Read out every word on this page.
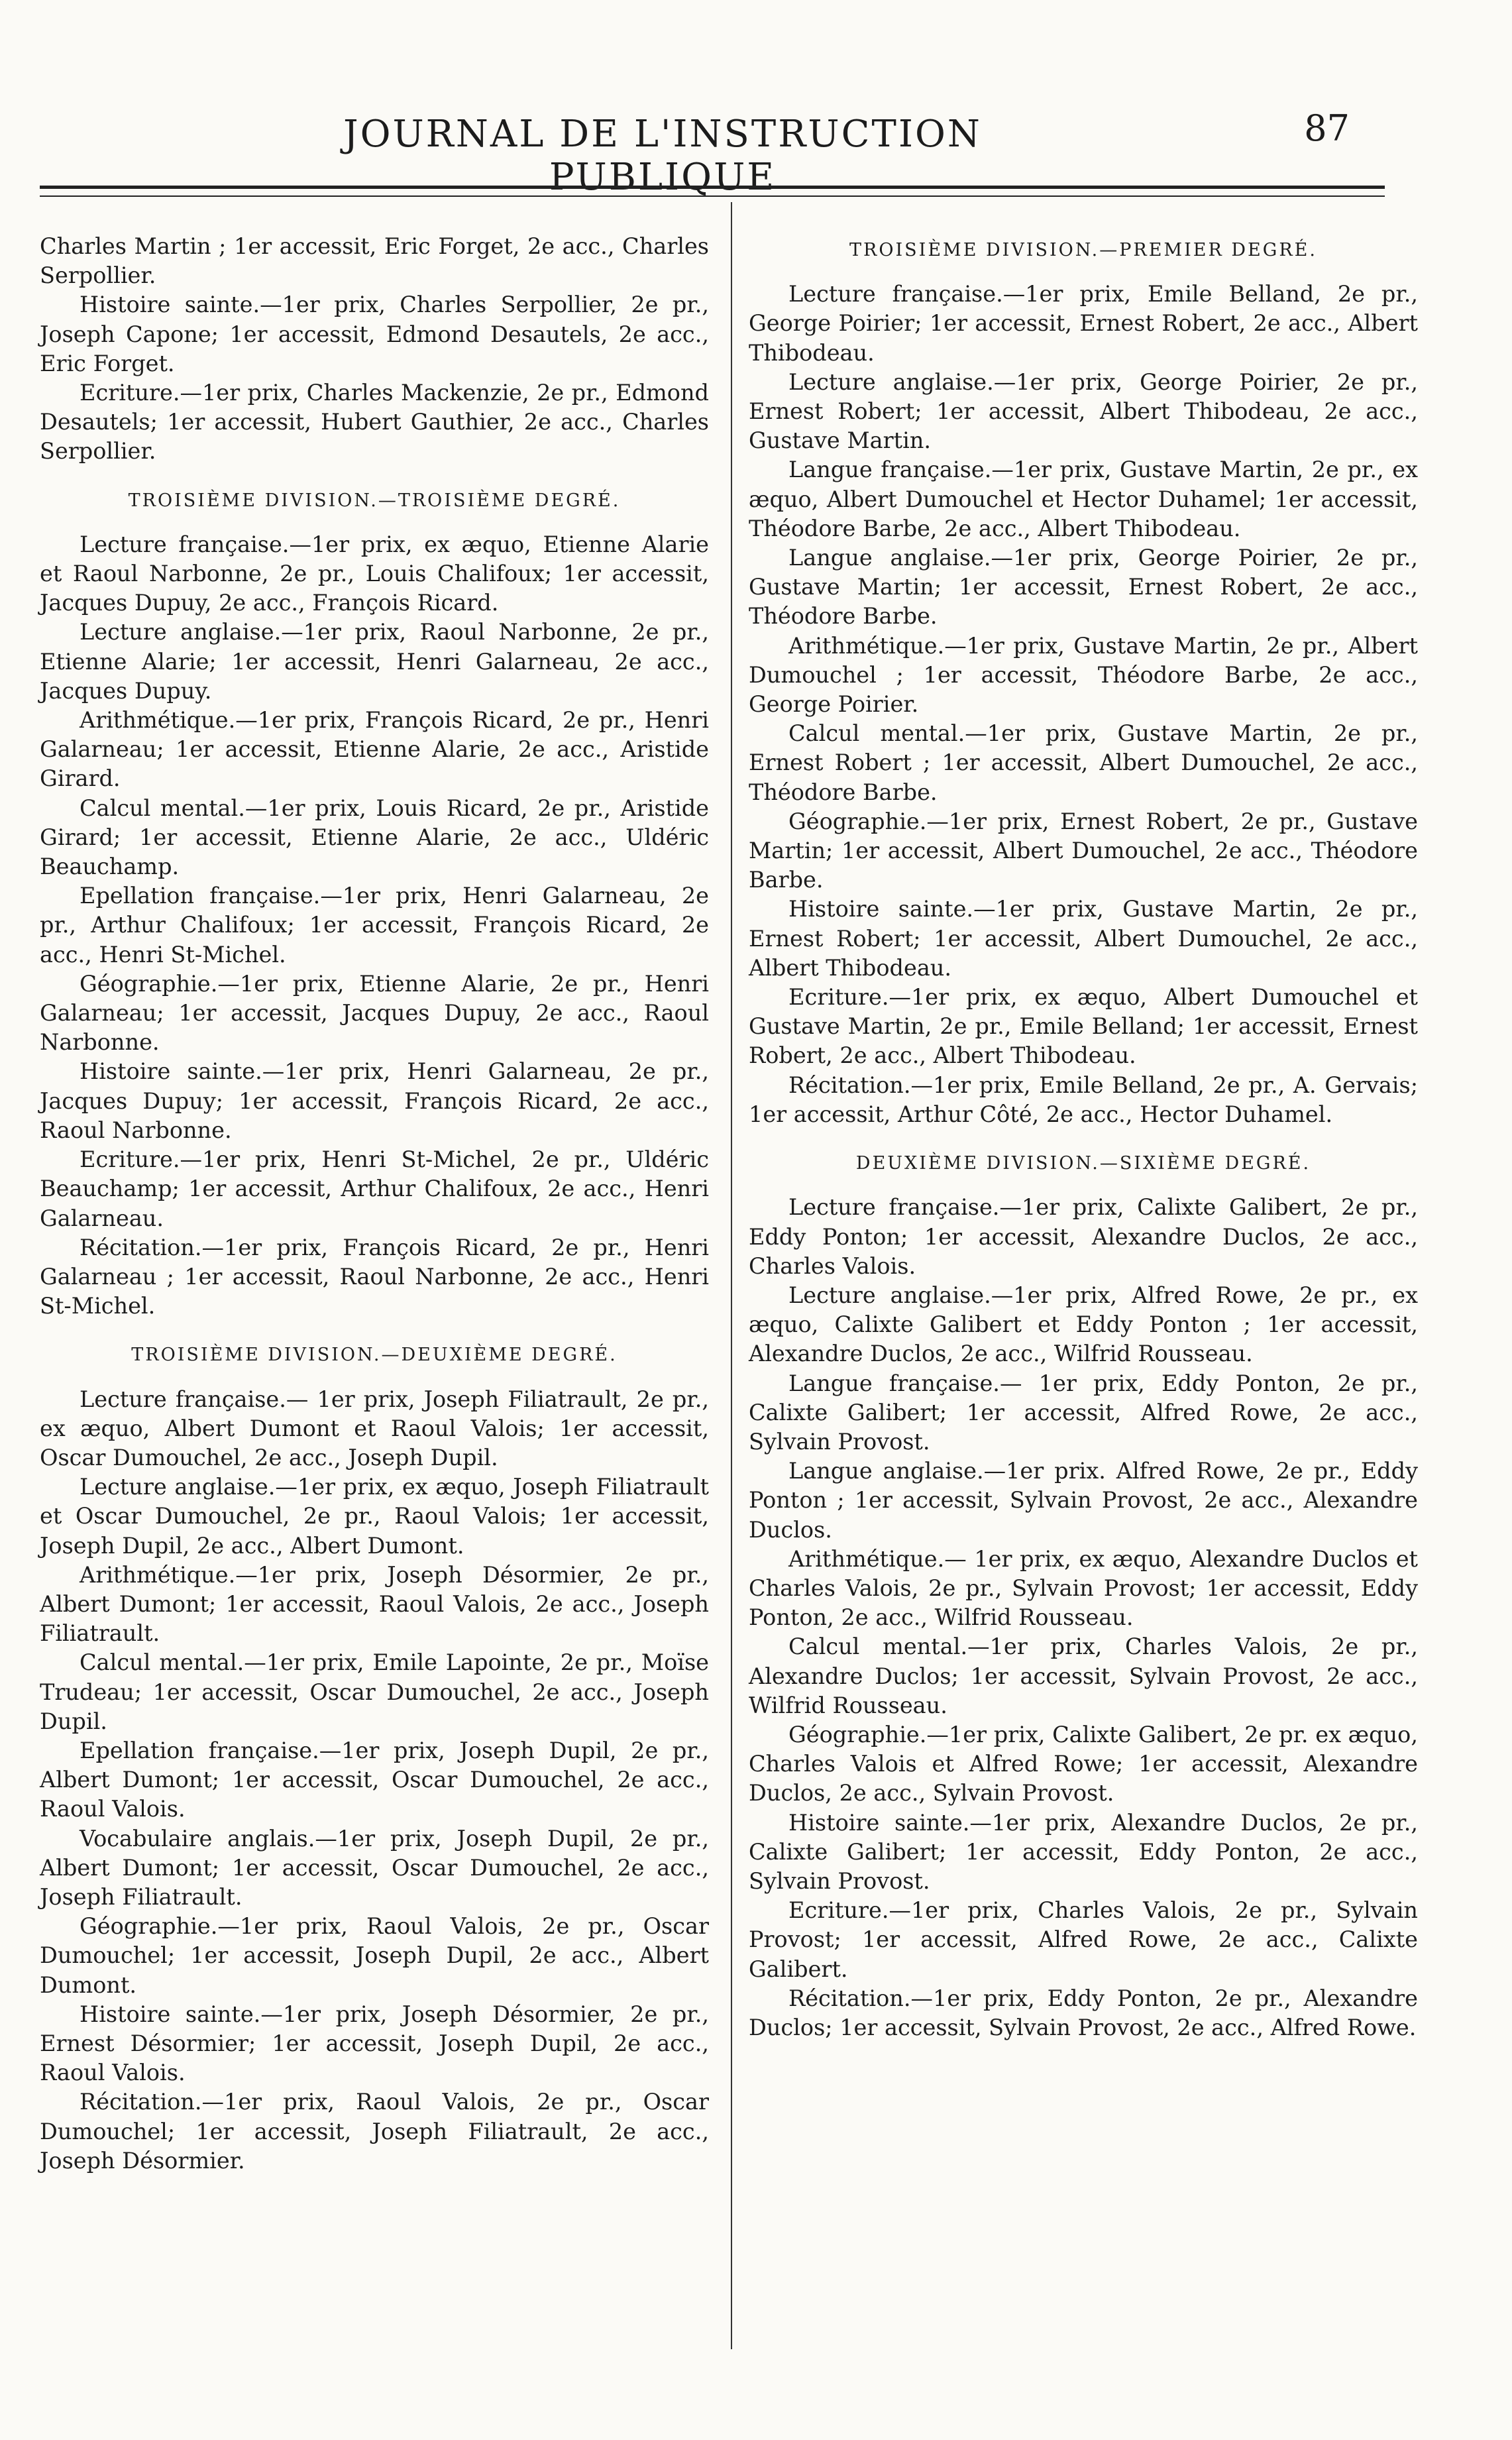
JOURNAL DE L'INSTRUCTION PUBLIQUE
87

Charles Martin ; 1er accessit, Eric Forget, 2e acc., Charles Serpollier.

Histoire sainte.—1er prix, Charles Serpollier, 2e pr., Joseph Capone; 1er accessit, Edmond Desautels, 2e acc., Eric Forget.

Ecriture.—1er prix, Charles Mackenzie, 2e pr., Edmond Desautels; 1er accessit, Hubert Gauthier, 2e acc., Charles Serpollier.

TROISIÈME DIVISION.—TROISIÈME DEGRÉ.

Lecture française.—1er prix, ex æquo, Etienne Alarie et Raoul Narbonne, 2e pr., Louis Chalifoux; 1er accessit, Jacques Dupuy, 2e acc., François Ricard.

Lecture anglaise.—1er prix, Raoul Narbonne, 2e pr., Etienne Alarie; 1er accessit, Henri Galarneau, 2e acc., Jacques Dupuy.

Arithmétique.—1er prix, François Ricard, 2e pr., Henri Galarneau; 1er accessit, Etienne Alarie, 2e acc., Aristide Girard.

Calcul mental.—1er prix, Louis Ricard, 2e pr., Aristide Girard; 1er accessit, Etienne Alarie, 2e acc., Uldéric Beauchamp.

Epellation française.—1er prix, Henri Galarneau, 2e pr., Arthur Chalifoux; 1er accessit, François Ricard, 2e acc., Henri St-Michel.

Géographie.—1er prix, Etienne Alarie, 2e pr., Henri Galarneau; 1er accessit, Jacques Dupuy, 2e acc., Raoul Narbonne.

Histoire sainte.—1er prix, Henri Galarneau, 2e pr., Jacques Dupuy; 1er accessit, François Ricard, 2e acc., Raoul Narbonne.

Ecriture.—1er prix, Henri St-Michel, 2e pr., Uldéric Beauchamp; 1er accessit, Arthur Chalifoux, 2e acc., Henri Galarneau.

Récitation.—1er prix, François Ricard, 2e pr., Henri Galarneau ; 1er accessit, Raoul Narbonne, 2e acc., Henri St-Michel.

TROISIÈME DIVISION.—DEUXIÈME DEGRÉ.

Lecture française.— 1er prix, Joseph Filiatrault, 2e pr., ex æquo, Albert Dumont et Raoul Valois; 1er accessit, Oscar Dumouchel, 2e acc., Joseph Dupil.

Lecture anglaise.—1er prix, ex æquo, Joseph Filiatrault et Oscar Dumouchel, 2e pr., Raoul Valois; 1er accessit, Joseph Dupil, 2e acc., Albert Dumont.

Arithmétique.—1er prix, Joseph Désormier, 2e pr., Albert Dumont; 1er accessit, Raoul Valois, 2e acc., Joseph Filiatrault.

Calcul mental.—1er prix, Emile Lapointe, 2e pr., Moïse Trudeau; 1er accessit, Oscar Dumouchel, 2e acc., Joseph Dupil.

Epellation française.—1er prix, Joseph Dupil, 2e pr., Albert Dumont; 1er accessit, Oscar Dumouchel, 2e acc., Raoul Valois.

Vocabulaire anglais.—1er prix, Joseph Dupil, 2e pr., Albert Dumont; 1er accessit, Oscar Dumouchel, 2e acc., Joseph Filiatrault.

Géographie.—1er prix, Raoul Valois, 2e pr., Oscar Dumouchel; 1er accessit, Joseph Dupil, 2e acc., Albert Dumont.

Histoire sainte.—1er prix, Joseph Désormier, 2e pr., Ernest Désormier; 1er accessit, Joseph Dupil, 2e acc., Raoul Valois.

Récitation.—1er prix, Raoul Valois, 2e pr., Oscar Dumouchel; 1er accessit, Joseph Filiatrault, 2e acc., Joseph Désormier.

TROISIÈME DIVISION.—PREMIER DEGRÉ.

Lecture française.—1er prix, Emile Belland, 2e pr., George Poirier; 1er accessit, Ernest Robert, 2e acc., Albert Thibodeau.

Lecture anglaise.—1er prix, George Poirier, 2e pr., Ernest Robert; 1er accessit, Albert Thibodeau, 2e acc., Gustave Martin.

Langue française.—1er prix, Gustave Martin, 2e pr., ex æquo, Albert Dumouchel et Hector Duhamel; 1er accessit, Théodore Barbe, 2e acc., Albert Thibodeau.

Langue anglaise.—1er prix, George Poirier, 2e pr., Gustave Martin; 1er accessit, Ernest Robert, 2e acc., Théodore Barbe.

Arithmétique.—1er prix, Gustave Martin, 2e pr., Albert Dumouchel ; 1er accessit, Théodore Barbe, 2e acc., George Poirier.

Calcul mental.—1er prix, Gustave Martin, 2e pr., Ernest Robert ; 1er accessit, Albert Dumouchel, 2e acc., Théodore Barbe.

Géographie.—1er prix, Ernest Robert, 2e pr., Gustave Martin; 1er accessit, Albert Dumouchel, 2e acc., Théodore Barbe.

Histoire sainte.—1er prix, Gustave Martin, 2e pr., Ernest Robert; 1er accessit, Albert Dumouchel, 2e acc., Albert Thibodeau.

Ecriture.—1er prix, ex æquo, Albert Dumouchel et Gustave Martin, 2e pr., Emile Belland; 1er accessit, Ernest Robert, 2e acc., Albert Thibodeau.

Récitation.—1er prix, Emile Belland, 2e pr., A. Gervais; 1er accessit, Arthur Côté, 2e acc., Hector Duhamel.

DEUXIÈME DIVISION.—SIXIÈME DEGRÉ.

Lecture française.—1er prix, Calixte Galibert, 2e pr., Eddy Ponton; 1er accessit, Alexandre Duclos, 2e acc., Charles Valois.

Lecture anglaise.—1er prix, Alfred Rowe, 2e pr., ex æquo, Calixte Galibert et Eddy Ponton ; 1er accessit, Alexandre Duclos, 2e acc., Wilfrid Rousseau.

Langue française.— 1er prix, Eddy Ponton, 2e pr., Calixte Galibert; 1er accessit, Alfred Rowe, 2e acc., Sylvain Provost.

Langue anglaise.—1er prix. Alfred Rowe, 2e pr., Eddy Ponton ; 1er accessit, Sylvain Provost, 2e acc., Alexandre Duclos.

Arithmétique.— 1er prix, ex æquo, Alexandre Duclos et Charles Valois, 2e pr., Sylvain Provost; 1er accessit, Eddy Ponton, 2e acc., Wilfrid Rousseau.

Calcul mental.—1er prix, Charles Valois, 2e pr., Alexandre Duclos; 1er accessit, Sylvain Provost, 2e acc., Wilfrid Rousseau.

Géographie.—1er prix, Calixte Galibert, 2e pr. ex æquo, Charles Valois et Alfred Rowe; 1er accessit, Alexandre Duclos, 2e acc., Sylvain Provost.

Histoire sainte.—1er prix, Alexandre Duclos, 2e pr., Calixte Galibert; 1er accessit, Eddy Ponton, 2e acc., Sylvain Provost.

Ecriture.—1er prix, Charles Valois, 2e pr., Sylvain Provost; 1er accessit, Alfred Rowe, 2e acc., Calixte Galibert.

Récitation.—1er prix, Eddy Ponton, 2e pr., Alexandre Duclos; 1er accessit, Sylvain Provost, 2e acc., Alfred Rowe.
